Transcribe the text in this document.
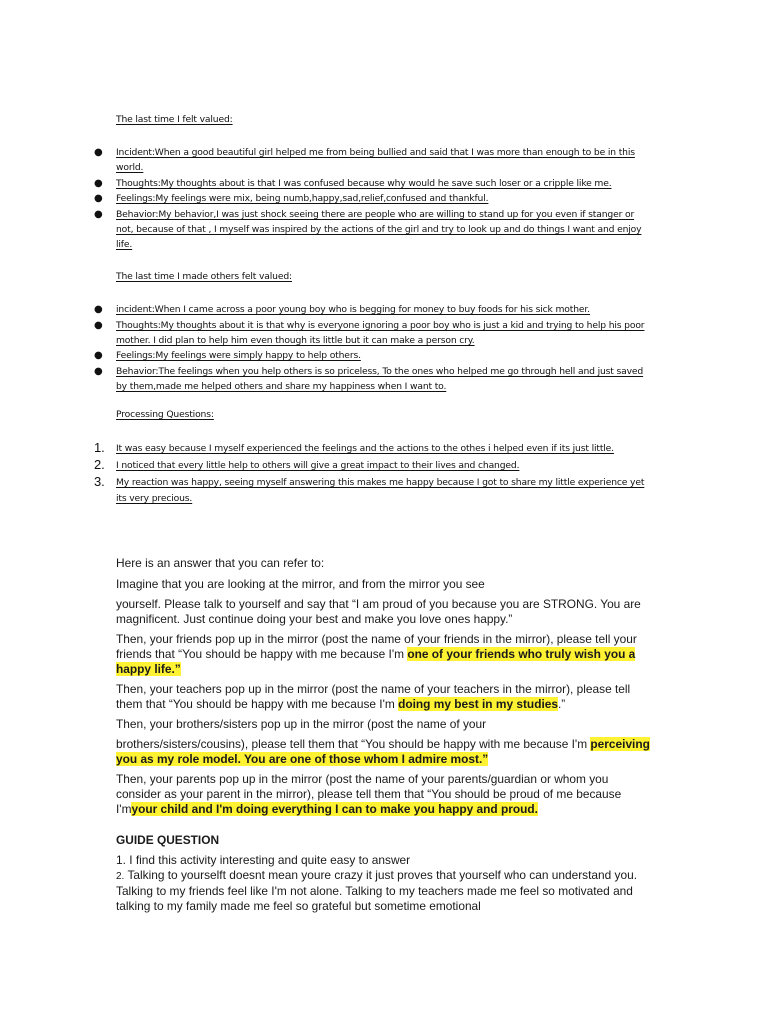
The last time I felt valued:
● Incident:When a good beautiful girl helped me from being bullied and said that I was more than enough to be in this world.
● Thoughts:My thoughts about is that I was confused because why would he save such loser or a cripple like me.
● Feelings:My feelings were mix, being numb,happy,sad,relief,confused and thankful.
● Behavior:My behavior,I was just shock seeing there are people who are willing to stand up for you even if stanger or not, because of that , I myself was inspired by the actions of the girl and try to look up and do things I want and enjoy life.
The last time I made others felt valued:
● incident:When I came across a poor young boy who is begging for money to buy foods for his sick mother.
● Thoughts:My thoughts about it is that why is everyone ignoring a poor boy who is just a kid and trying to help his poor mother. I did plan to help him even though its little but it can make a person cry.
● Feelings:My feelings were simply happy to help others.
● Behavior:The feelings when you help others is so priceless, To the ones who helped me go through hell and just saved by them,made me helped others and share my happiness when I want to.
Processing Questions:
1. It was easy because I myself experienced the feelings and the actions to the othes i helped even if its just little.
2. I noticed that every little help to others will give a great impact to their lives and changed.
3. My reaction was happy, seeing myself answering this makes me happy because I got to share my little experience yet its very precious.

Here is an answer that you can refer to:

Imagine that you are looking at the mirror, and from the mirror you see

yourself. Please talk to yourself and say that “I am proud of you because you are STRONG. You are magnificent. Just continue doing your best and make you love ones happy.”

Then, your friends pop up in the mirror (post the name of your friends in the mirror), please tell your friends that “You should be happy with me because I'm one of your friends who truly wish you a happy life.”

Then, your teachers pop up in the mirror (post the name of your teachers in the mirror), please tell them that “You should be happy with me because I'm doing my best in my studies.”

Then, your brothers/sisters pop up in the mirror (post the name of your

brothers/sisters/cousins), please tell them that “You should be happy with me because I'm perceiving you as my role model. You are one of those whom I admire most.”

Then, your parents pop up in the mirror (post the name of your parents/guardian or whom you consider as your parent in the mirror), please tell them that “You should be proud of me because I'myour child and I'm doing everything I can to make you happy and proud.

GUIDE QUESTION

1. I find this activity interesting and quite easy to answer

2. Talking to yourselft doesnt mean youre crazy it just proves that yourself who can understand you. Talking to my friends feel like I'm not alone. Talking to my teachers made me feel so motivated and talking to my family made me feel so grateful but sometime emotional
